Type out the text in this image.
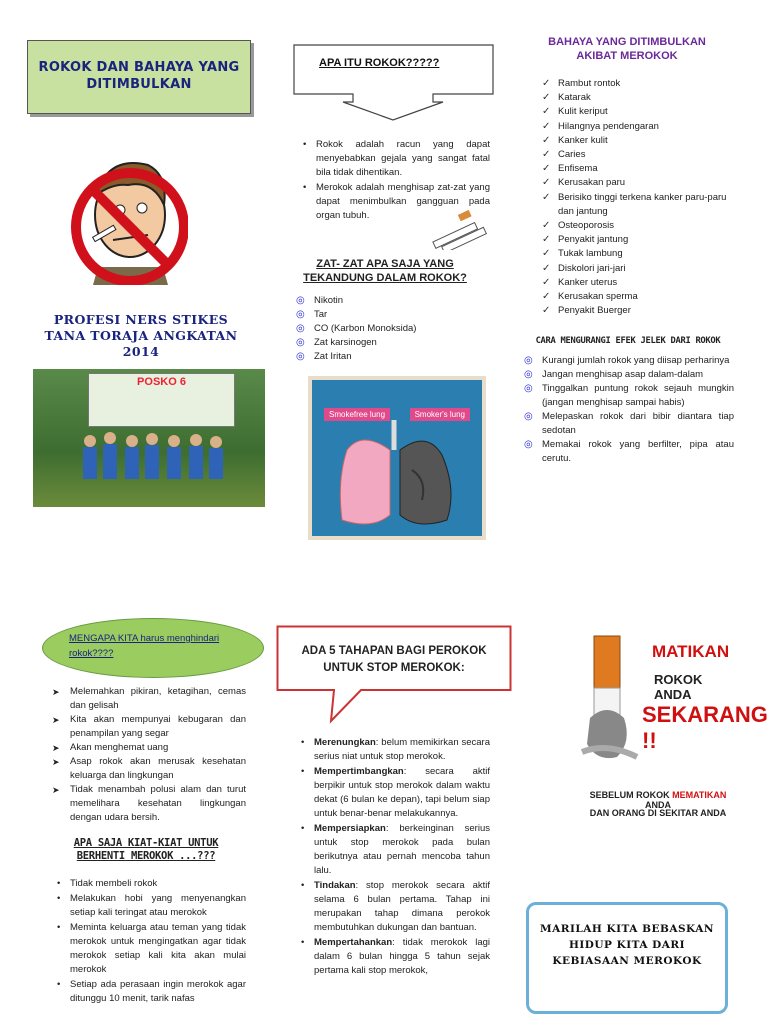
ROKOK DAN BAHAYA YANG DITIMBULKAN
PROFESI NERS STIKES
TANA TORAJA ANGKATAN
2014
POSKO 6
APA ITU ROKOK?????
• Rokok adalah racun yang dapat menyebabkan gejala yang sangat fatal bila tidak dihentikan.
• Merokok adalah menghisap zat-zat yang dapat menimbulkan gangguan pada organ tubuh.
ZAT- ZAT APA SAJA YANG
TEKANDUNG DALAM ROKOK?
◎ Nikotin
◎ Tar
◎ CO (Karbon Monoksida)
◎ Zat karsinogen
◎ Zat Iritan
Smokefree lung	Smoker's lung
BAHAYA YANG DITIMBULKAN
AKIBAT MEROKOK
✓ Rambut rontok
✓ Katarak
✓ Kulit keriput
✓ Hilangnya pendengaran
✓ Kanker kulit
✓ Caries
✓ Enfisema
✓ Kerusakan paru
✓ Berisiko tinggi terkena kanker paru-paru dan jantung
✓ Osteoporosis
✓ Penyakit jantung
✓ Tukak lambung
✓ Diskolori jari-jari
✓ Kanker uterus
✓ Kerusakan sperma
✓ Penyakit Buerger
CARA MENGURANGI EFEK JELEK DARI ROKOK
◎ Kurangi jumlah rokok yang diisap perharinya
◎ Jangan menghisap asap dalam-dalam
◎ Tinggalkan puntung rokok sejauh mungkin (jangan menghisap sampai habis)
◎ Melepaskan rokok dari bibir diantara tiap sedotan
◎ Memakai rokok yang berfilter, pipa atau cerutu.
MENGAPA KITA harus menghindari rokok????
➤ Melemahkan pikiran, ketagihan, cemas dan gelisah
➤ Kita akan mempunyai kebugaran dan penampilan yang segar
➤ Akan menghemat uang
➤ Asap rokok akan merusak kesehatan keluarga dan lingkungan
➤ Tidak menambah polusi alam dan turut memelihara kesehatan lingkungan dengan udara bersih.
APA SAJA KIAT-KIAT UNTUK
BERHENTI MEROKOK ...???
• Tidak membeli rokok
• Melakukan hobi yang menyenangkan setiap kali teringat atau merokok
• Meminta keluarga atau teman yang tidak merokok untuk mengingatkan agar tidak merokok setiap kali kita akan mulai merokok
• Setiap ada perasaan ingin merokok agar ditunggu 10 menit, tarik nafas
ADA 5 TAHAPAN BAGI PEROKOK UNTUK STOP MEROKOK:
• Merenungkan: belum memikirkan secara serius niat untuk stop merokok.
• Mempertimbangkan: secara aktif berpikir untuk stop merokok dalam waktu dekat (6 bulan ke depan), tapi belum siap untuk benar-benar melakukannya.
• Mempersiapkan: berkeinginan serius untuk stop merokok pada bulan berikutnya atau pernah mencoba tahun lalu.
• Tindakan: stop merokok secara aktif selama 6 bulan pertama. Tahap ini merupakan tahap dimana perokok membutuhkan dukungan dan bantuan.
• Mempertahankan: tidak merokok lagi dalam 6 bulan hingga 5 tahun sejak pertama kali stop merokok,
MATIKAN
ROKOK ANDA
SEKARANG !!
SEBELUM ROKOK MEMATIKAN ANDA
DAN ORANG DI SEKITAR ANDA
MARILAH KITA BEBASKAN HIDUP KITA DARI KEBIASAAN MEROKOK
